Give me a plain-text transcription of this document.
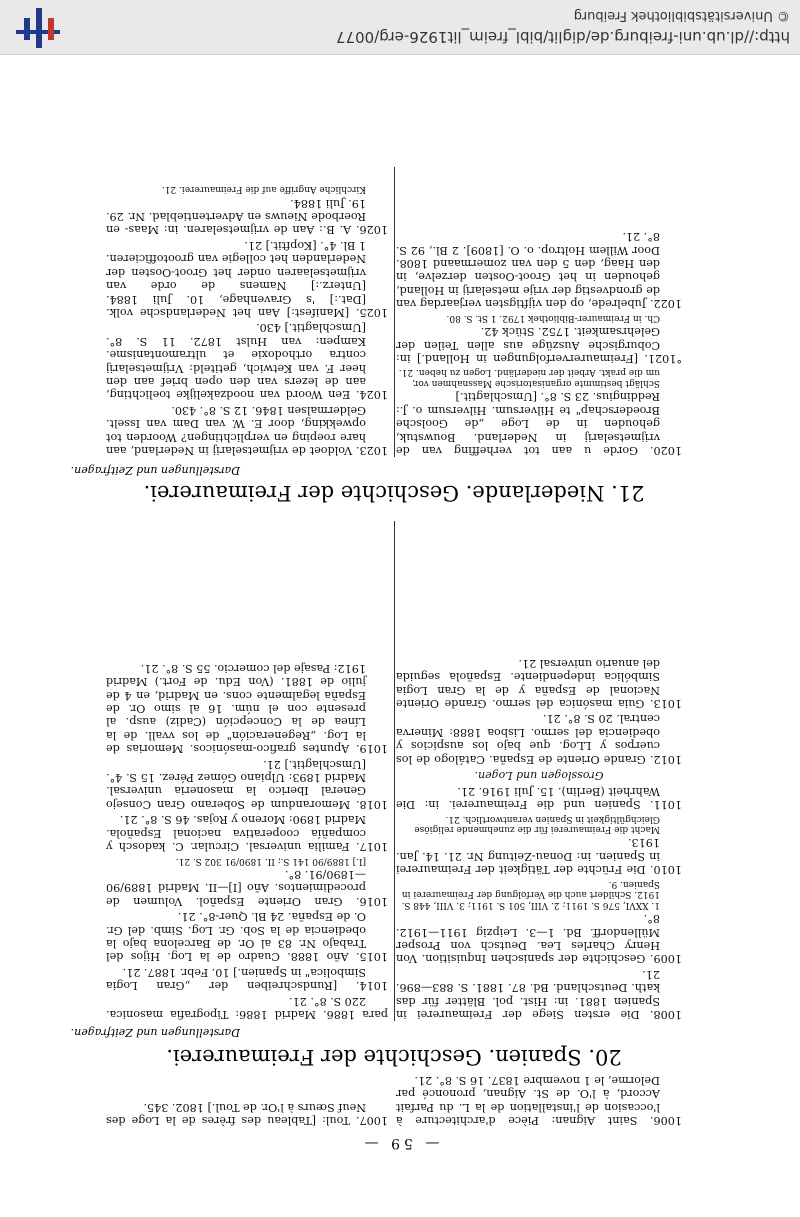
http://dl.ub.uni-freiburg.de/diglit/bibl_freim_lit1926-erg/0077
© Universitätsbibliothek Freiburg
— 59 —

1006. Saint Aignan: Pièce d'architecture à l'occasion de l'installation de la L. du Parfait Accord, à l'O. de St. Aignan, prononcé par Delorme, le 1 novembre 1837. 16 S. 8°. 21.

1007. Toul: [Tableau des frères de la Loge des Neuf Sœurs à l'Or. de Toul.] 1802. 345.

20. Spanien. Geschichte der Freimaurerei.
Darstellungen und Zeitfragen.

1008. Die ersten Siege der Freimaurerei in Spanien 1881. in: Hist. pol. Blätter für das kath. Deutschland. Bd. 87. 1881. S. 883—896. 21.

1009. Geschichte der spanischen Inquisition. Von Henry Charles Lea. Deutsch von Prosper Müllendorff. Bd. 1—3. Leipzig 1911—1912. 8°.

1. XXVI, 576 S. 1911; 2. VIII, 501 S. 1911; 3. VIII, 448 S. 1912. Schildert auch die Verfolgung der Freimaurerei in Spanien. 9.

1010. Die Früchte der Tätigkeit der Freimaurerei in Spanien. in: Donau-Zeitung Nr. 21. 14. Jan. 1913.

Macht die Freimaurerei für die zunehmende religiöse Gleichgültigkeit in Spanien verantwortlich. 21.

1011. Spanien und die Freimaurerei. in: Die Wahrheit (Berlin). 15. Juli 1916. 21.

Grosslogen und Logen.

1012. Grande Oriente de España. Catálogo de los cuerpos y LLog. que bajo los auspicios y obediencia del sermo. Lisboa 1888: Minerva central. 20 S. 8°. 21.

1013. Guia masónica del sermo. Grande Oriente Nacional de España y de la Gran Logia Simbólica independiente. Española seguida del anuario universal 21.

para 1886. Madrid 1886: Tipografia masonica. 220 S. 8°. 21.

1014. [Rundschreiben der „Gran Logia Simbolica" in Spanien.] 10. Febr. 1887. 21.

1015. Año 1888. Cuadro de la Log. Hijos del Trabajo Nr. 83 al Or. de Barcelona bajo la obediencia de la Sob. Gr. Log. Simb. del Gr. O. de España. 24 Bl. Quer-8°. 21.

1016. Gran Oriente Español. Volumen de procedimientos. Año [I]—II. Madrid 1889/90—1890/91. 8°.

[I.] 1889/90 141 S.; II. 1890/91 302 S. 21.

1017. Familia universal. Circular. C. kadosch y compañía cooperativa nacional Española. Madrid 1890: Moreno y Rojas. 46 S. 8°. 21.

1018. Memorandum de Soberano Gran Consejo General Iberico la masoneria universal. Madrid 1893: Ulpiano Gómez Pérez. 15 S. 4°. [Umschlagtit.] 21.

1019. Apuntes grafico-masónicos. Memorias de la Log. „Regeneración" de los vvall. de la Línea de la Concepción (Cadiz) ausp. al presente con el núm. 16 al simo Or. de España legalmente cons. en Madrid, en 4 de julio de 1881. (Von Edu. de Fort.) Madrid 1912: Pasaje del comercio. 55 S. 8°. 21.

21. Niederlande. Geschichte der Freimaurerei.
Darstellungen und Zeitfragen.

1020. Gorde u aan tot verheffing van de vrijmetselarij in Nederland. Bouwstuk, gehouden in de Loge „de Goolsche Broederschap" te Hilversum. Hilversum o. J.: Reddingius. 23 S. 8°. [Umschlagtit.]

Schlägt bestimmte organisatorische Massnahmen vor, um die prakt. Arbeit der niederländ. Logen zu heben. 21.

°1021. [Freimaurerverfolgungen in Holland.] in: Coburgische Auszüge aus allen Teilen der Gelehrsamkeit. 1752. Stück 42.

Ch. in Freimaurer-Bibliothek 1792. 1 St. S. 80.

1022. Jubelrede, op den vijftigsten verjaardag van de grondvestig der vrije metselarij in Holland, gehouden in het Groot-Oosten derzelve, in den Haag, den 5 den van zomermaand 1808. Door Willem Holtrop. o. O. [1809]. 2 Bl., 92 S. 8°. 21.

1023. Voldoet de vrijmetselarij in Nederland, aan hare roeping en verplichtingen? Woorden tot opwekking, door E. W. van Dam van Isselt. Geldermalsen 1846. 12 S. 8°. 430.

1024. Een Woord van noodzakelijke toelichting, aan de lezers van den open brief aan den heer F. van Ketwich, getiteld: Vrijmetselarij contra orthodoxie et ultramontanisme. Kampen: van Hulst 1872. 11 S. 8°. [Umschlagtit.] 430.

1025. [Manifest:] Aan het Nederlandsche volk. [Dat.:] 's Gravenhage, 10. Juli 1884. [Unterz.:] Namens de orde van vrijmetselaaren onder het Groot-Oosten der Nederlanden het collegie van grootofficieren. 1 Bl. 4°. [Kopftit.] 21.

1026. A. B.: Aan de vrijmetselaren. in: Maas- en Roerbode Nieuws en Advertentieblad. Nr. 29. 19. Juli 1884.

Kirchliche Angriffe auf die Freimaurerei. 21.
